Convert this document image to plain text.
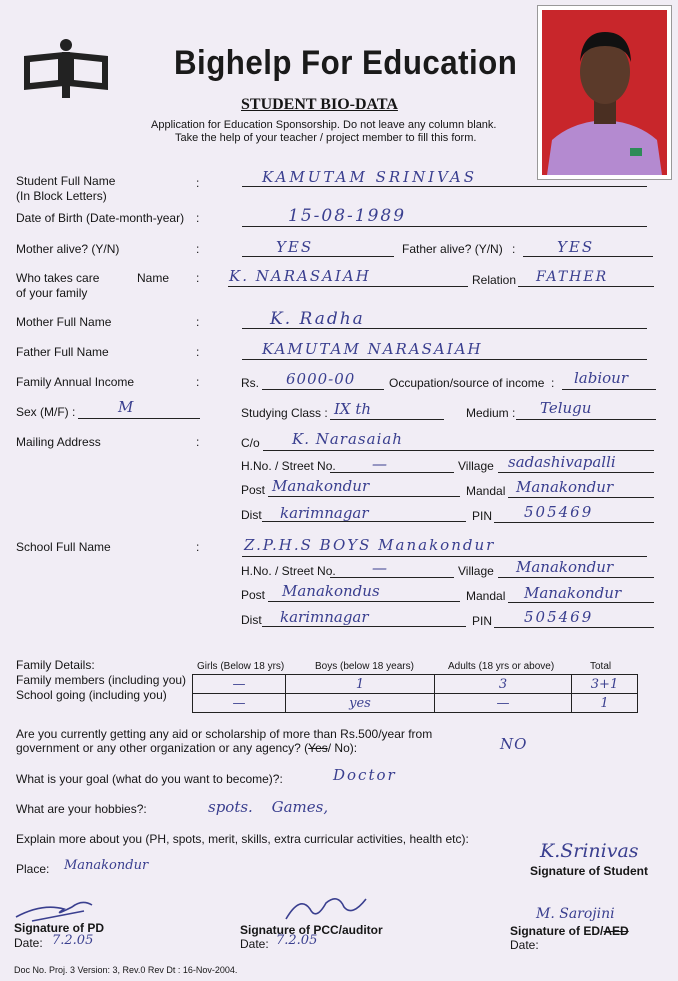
Bighelp For Education
STUDENT BIO-DATA
Application for Education Sponsorship. Do not leave any column blank.
Take the help of your teacher / project member to fill this form.
Student Full Name
(In Block Letters)
:	KAMUTAM SRINIVAS
Date of Birth (Date-month-year) :	15-08-1989
Mother alive? (Y/N)	:	YES	Father alive? (Y/N) :	YES
Who takes care
of your family
Name : K. NARASAIAH	Relation FATHER
Mother Full Name	:	K. Radha
Father Full Name	:	KAMUTAM NARASAIAH
Family Annual Income	:	Rs. 6000-00	Occupation/source of income : labiour
Sex (M/F) :	M	Studying Class : IX th	Medium : Telugu
Mailing Address	:	C/o K. Narasaiah
H.No. / Street No. —	Village sadashivapalli
Post Manakondur	Mandal Manakondur
Dist karimnagar	PIN 505469
School Full Name	:	Z.P.H.S BOYS Manakondur
H.No. / Street No. —	Village Manakondur
Post Manakondus	Mandal Manakondur
Dist karimnagar	PIN 505469
Family Details:
Family members (including you)
School going (including you)
Girls (Below 18 yrs)	Boys (below 18 years)	Adults (18 yrs or above)	Total
—	1	3	3+1
—	yes	—	1
Are you currently getting any aid or scholarship of more than Rs.500/year from
government or any other organization or any agency? (Yes/ No):	NO
What is your goal (what do you want to become)?:	Doctor
What are your hobbies?:	spots. Games,
Explain more about you (PH, spots, merit, skills, extra curricular activities, health etc):
Place: Manakondur
K.Srinivas
Signature of Student
Signature of PD
Date: 7.2.05
Signature of PCC/auditor
Date: 7.2.05
M. Sarojini
Signature of ED/AED
Date:
Doc No. Proj. 3 Version: 3, Rev.0 Rev Dt : 16-Nov-2004.
